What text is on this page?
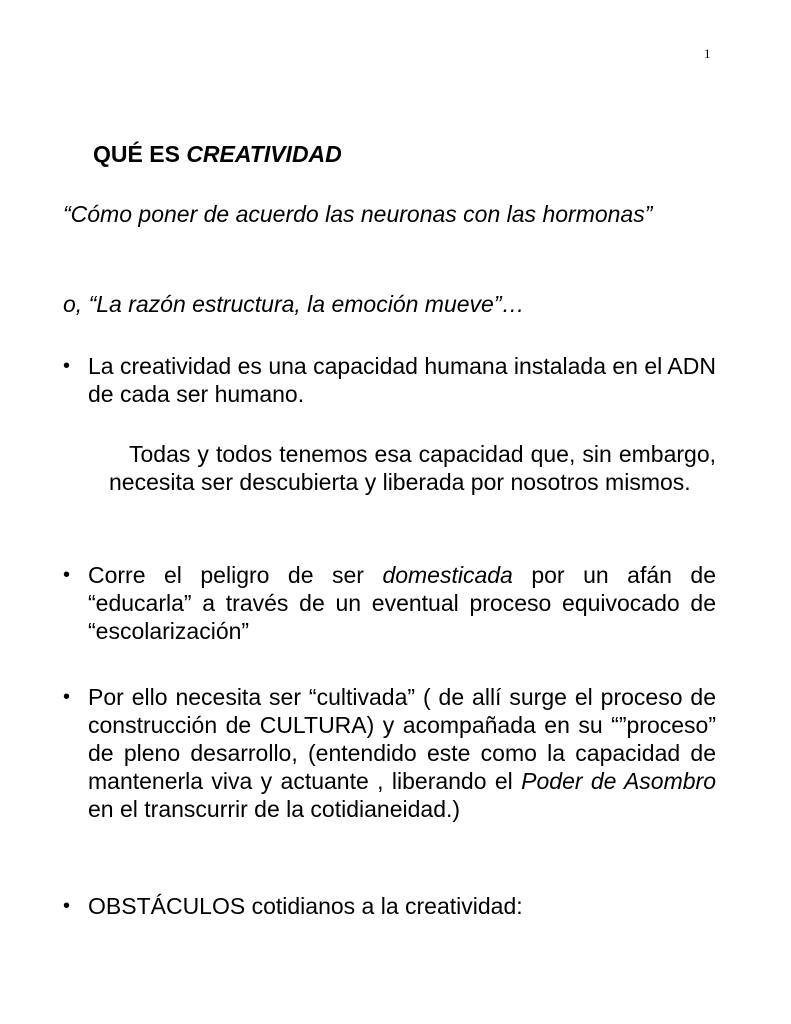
1
QUÉ ES CREATIVIDAD
“Cómo poner de acuerdo las neuronas con las hormonas”
o, “La razón estructura, la emoción mueve”…
• La creatividad es una capacidad humana instalada en el ADN de cada ser humano.
Todas y todos tenemos esa capacidad que, sin embargo, necesita ser descubierta y liberada por nosotros mismos.
• Corre el peligro de ser domesticada por un afán de “educarla” a través de un eventual proceso equivocado de “escolarización”
• Por ello necesita ser “cultivada” ( de allí surge el proceso de construcción de CULTURA) y acompañada en su “”proceso” de pleno desarrollo, (entendido este como la capacidad de mantenerla viva y actuante , liberando el Poder de Asombro en el transcurrir de la cotidianeidad.)
• OBSTÁCULOS cotidianos a la creatividad:
